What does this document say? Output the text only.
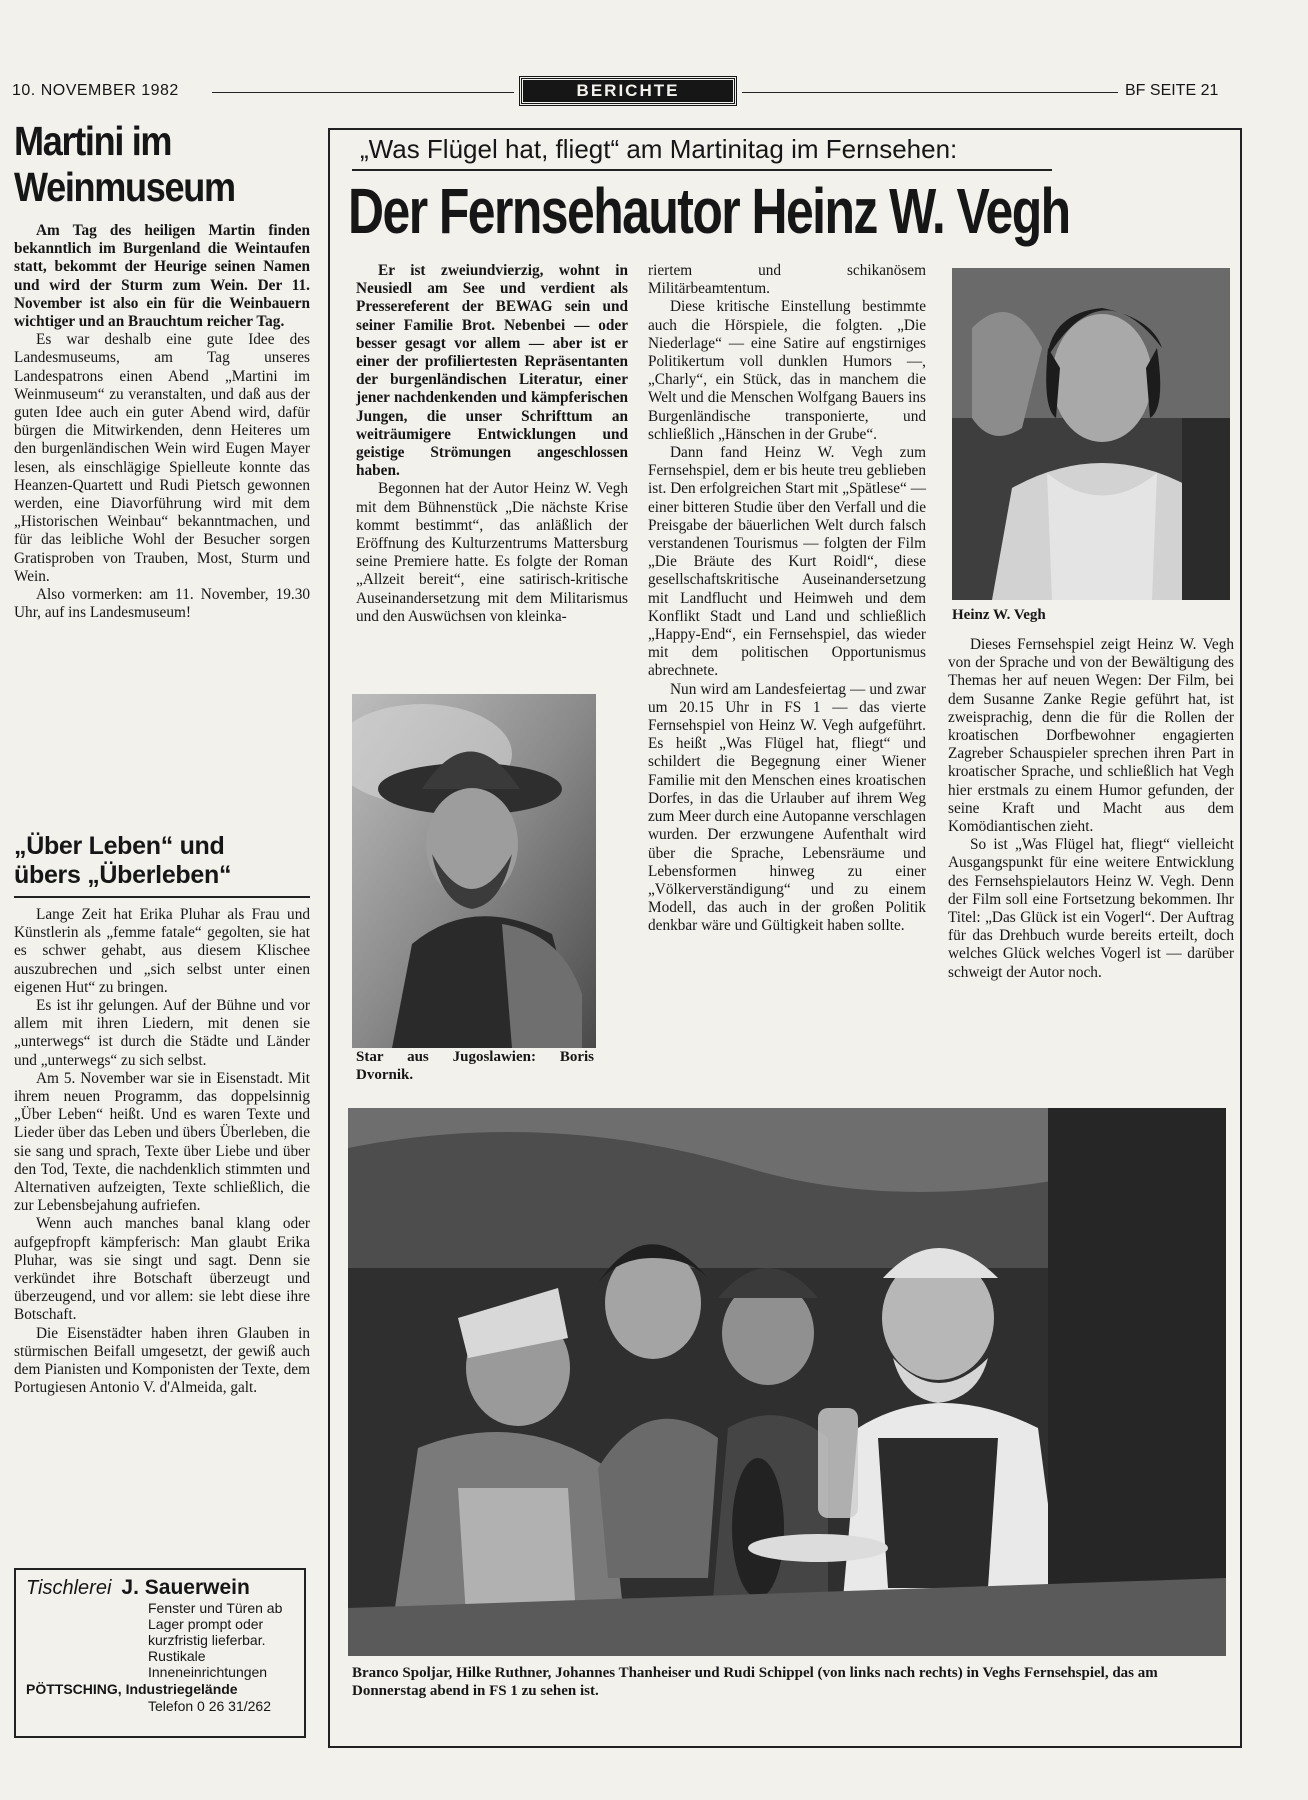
10. NOVEMBER 1982	BERICHTE	BF SEITE 21
Martini im
Weinmuseum

Am Tag des heiligen Martin finden bekanntlich im Burgenland die Weintaufen statt, bekommt der Heurige seinen Namen und wird der Sturm zum Wein. Der 11. November ist also ein für die Weinbauern wichtiger und an Brauchtum reicher Tag.

Es war deshalb eine gute Idee des Landesmuseums, am Tag unseres Landespatrons einen Abend „Martini im Weinmuseum“ zu veranstalten, und daß aus der guten Idee auch ein guter Abend wird, dafür bürgen die Mitwirkenden, denn Heiteres um den burgenländischen Wein wird Eugen Mayer lesen, als einschlägige Spielleute konnte das Heanzen-Quartett und Rudi Pietsch gewonnen werden, eine Diavorführung wird mit dem „Historischen Weinbau“ bekanntmachen, und für das leibliche Wohl der Besucher sorgen Gratisproben von Trauben, Most, Sturm und Wein.

Also vormerken: am 11. November, 19.30 Uhr, auf ins Landesmuseum!

„Über Leben“ und
übers „Überleben“

Lange Zeit hat Erika Pluhar als Frau und Künstlerin als „femme fatale“ gegolten, sie hat es schwer gehabt, aus diesem Klischee auszubrechen und „sich selbst unter einen eigenen Hut“ zu bringen.

Es ist ihr gelungen. Auf der Bühne und vor allem mit ihren Liedern, mit denen sie „unterwegs“ ist durch die Städte und Länder und „unterwegs“ zu sich selbst.

Am 5. November war sie in Eisenstadt. Mit ihrem neuen Programm, das doppelsinnig „Über Leben“ heißt. Und es waren Texte und Lieder über das Leben und übers Überleben, die sie sang und sprach, Texte über Liebe und über den Tod, Texte, die nachdenklich stimmten und Alternativen aufzeigten, Texte schließlich, die zur Lebensbejahung aufriefen.

Wenn auch manches banal klang oder aufgepfropft kämpferisch: Man glaubt Erika Pluhar, was sie singt und sagt. Denn sie verkündet ihre Botschaft überzeugt und überzeugend, und vor allem: sie lebt diese ihre Botschaft.

Die Eisenstädter haben ihren Glauben in stürmischen Beifall umgesetzt, der gewiß auch dem Pianisten und Komponisten der Texte, dem Portugiesen Antonio V. d'Almeida, galt.

Tischlerei J. Sauerwein
Fenster und Türen ab Lager prompt oder kurzfristig lieferbar. Rustikale Inneneinrichtungen
PÖTTSCHING, Industriegelände
Telefon 0 26 31/262
„Was Flügel hat, fliegt“ am Martinitag im Fernsehen:
Der Fernsehautor Heinz W. Vegh

Er ist zweiundvierzig, wohnt in Neusiedl am See und verdient als Pressereferent der BEWAG sein und seiner Familie Brot. Nebenbei — oder besser gesagt vor allem — aber ist er einer der profiliertesten Repräsentanten der burgenländischen Literatur, einer jener nachdenkenden und kämpferischen Jungen, die unser Schrifttum an weiträumigere Entwicklungen und geistige Strömungen angeschlossen haben.

Begonnen hat der Autor Heinz W. Vegh mit dem Bühnenstück „Die nächste Krise kommt bestimmt“, das anläßlich der Eröffnung des Kulturzentrums Mattersburg seine Premiere hatte. Es folgte der Roman „Allzeit bereit“, eine satirisch-kritische Auseinandersetzung mit dem Militarismus und den Auswüchsen von kleinka-

Star aus Jugoslawien: Boris Dvornik.

riertem und schikanösem Militärbeamtentum.

Diese kritische Einstellung bestimmte auch die Hörspiele, die folgten. „Die Niederlage“ — eine Satire auf engstirniges Politikertum voll dunklen Humors —, „Charly“, ein Stück, das in manchem die Welt und die Menschen Wolfgang Bauers ins Burgenländische transponierte, und schließlich „Hänschen in der Grube“.

Dann fand Heinz W. Vegh zum Fernsehspiel, dem er bis heute treu geblieben ist. Den erfolgreichen Start mit „Spätlese“ — einer bitteren Studie über den Verfall und die Preisgabe der bäuerlichen Welt durch falsch verstandenen Tourismus — folgten der Film „Die Bräute des Kurt Roidl“, diese gesellschaftskritische Auseinandersetzung mit Landflucht und Heimweh und dem Konflikt Stadt und Land und schließlich „Happy-End“, ein Fernsehspiel, das wieder mit dem politischen Opportunismus abrechnete.

Nun wird am Landesfeiertag — und zwar um 20.15 Uhr in FS 1 — das vierte Fernsehspiel von Heinz W. Vegh aufgeführt. Es heißt „Was Flügel hat, fliegt“ und schildert die Begegnung einer Wiener Familie mit den Menschen eines kroatischen Dorfes, in das die Urlauber auf ihrem Weg zum Meer durch eine Autopanne verschlagen wurden. Der erzwungene Aufenthalt wird über die Sprache, Lebensräume und Lebensformen hinweg zu einer „Völkerverständigung“ und zu einem Modell, das auch in der großen Politik denkbar wäre und Gültigkeit haben sollte.

Heinz W. Vegh

Dieses Fernsehspiel zeigt Heinz W. Vegh von der Sprache und von der Bewältigung des Themas her auf neuen Wegen: Der Film, bei dem Susanne Zanke Regie geführt hat, ist zweisprachig, denn die für die Rollen der kroatischen Dorfbewohner engagierten Zagreber Schauspieler sprechen ihren Part in kroatischer Sprache, und schließlich hat Vegh hier erstmals zu einem Humor gefunden, der seine Kraft und Macht aus dem Komödiantischen zieht.

So ist „Was Flügel hat, fliegt“ vielleicht Ausgangspunkt für eine weitere Entwicklung des Fernsehspielautors Heinz W. Vegh. Denn der Film soll eine Fortsetzung bekommen. Ihr Titel: „Das Glück ist ein Vogerl“. Der Auftrag für das Drehbuch wurde bereits erteilt, doch welches Glück welches Vogerl ist — darüber schweigt der Autor noch.

Branco Spoljar, Hilke Ruthner, Johannes Thanheiser und Rudi Schippel (von links nach rechts) in Veghs Fernsehspiel, das am Donnerstag abend in FS 1 zu sehen ist.
